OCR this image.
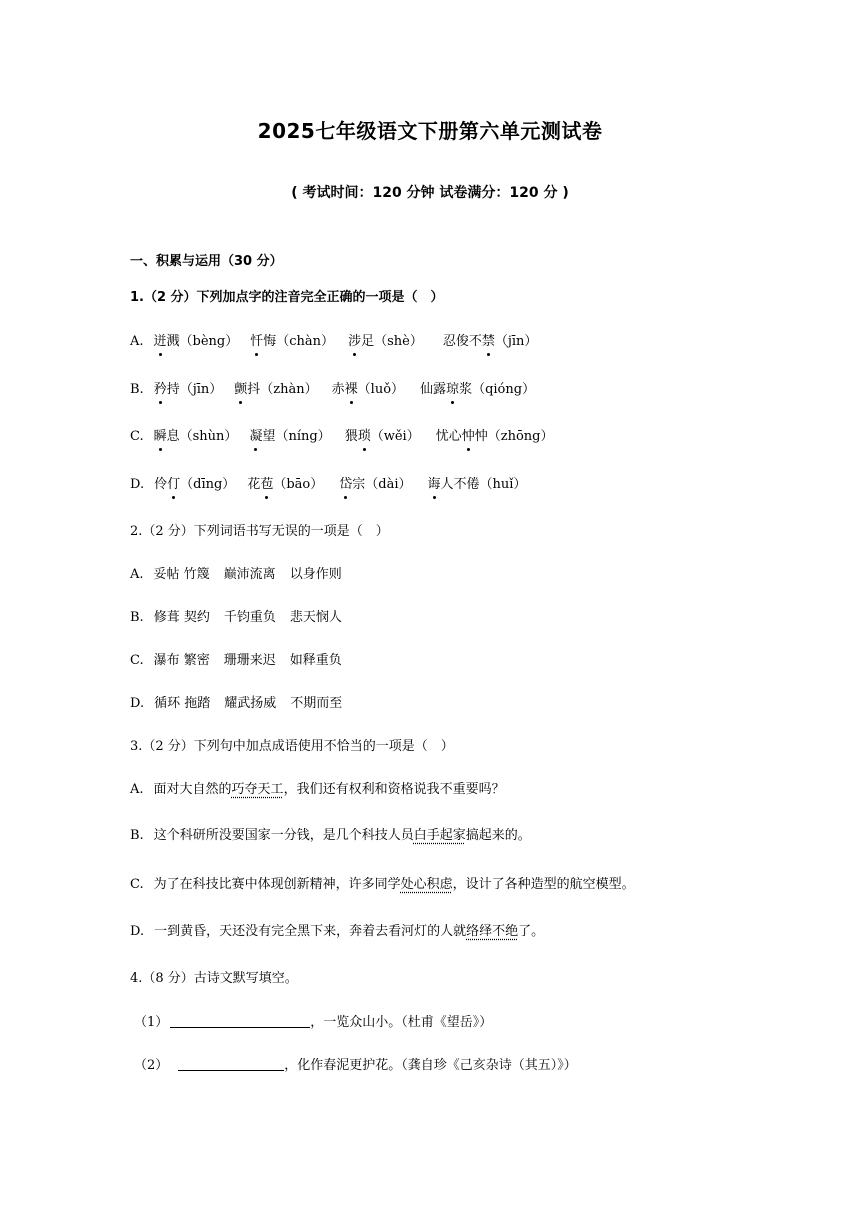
2025七年级语文下册第六单元测试卷
( 考试时间：120 分钟 试卷满分：120 分 )
一、积累与运用（30 分）
1.（2 分）下列加点字的注音完全正确的一项是（　）
A. 迸溅（bèng） 忏悔（chàn） 涉足（shè） 忍俊不禁（jīn）
B. 矜持（jīn） 颤抖（zhàn） 赤裸（luǒ） 仙露琼浆（qióng）
C. 瞬息（shùn） 凝望（níng） 猥琐（wěi） 忧心忡忡（zhōng）
D. 伶仃（dīng） 花苞（bāo） 岱宗（dài） 诲人不倦（huǐ）
2.（2 分）下列词语书写无误的一项是（　）
A. 妥帖 竹篾 巅沛流离 以身作则
B. 修葺 契约 千钧重负 悲天悯人
C. 瀑布 繁密 珊珊来迟 如释重负
D. 循环 拖踏 耀武扬威 不期而至
3.（2 分）下列句中加点成语使用不恰当的一项是（　）
A. 面对大自然的巧夺天工，我们还有权利和资格说我不重要吗？
B. 这个科研所没要国家一分钱，是几个科技人员白手起家搞起来的。
C. 为了在科技比赛中体现创新精神，许多同学处心积虑，设计了各种造型的航空模型。
D. 一到黄昏，天还没有完全黑下来，奔着去看河灯的人就络绎不绝了。
4.（8 分）古诗文默写填空。
（1）	，一览众山小。（杜甫《望岳》）
（2）	，化作春泥更护花。（龚自珍《己亥杂诗（其五）》）
